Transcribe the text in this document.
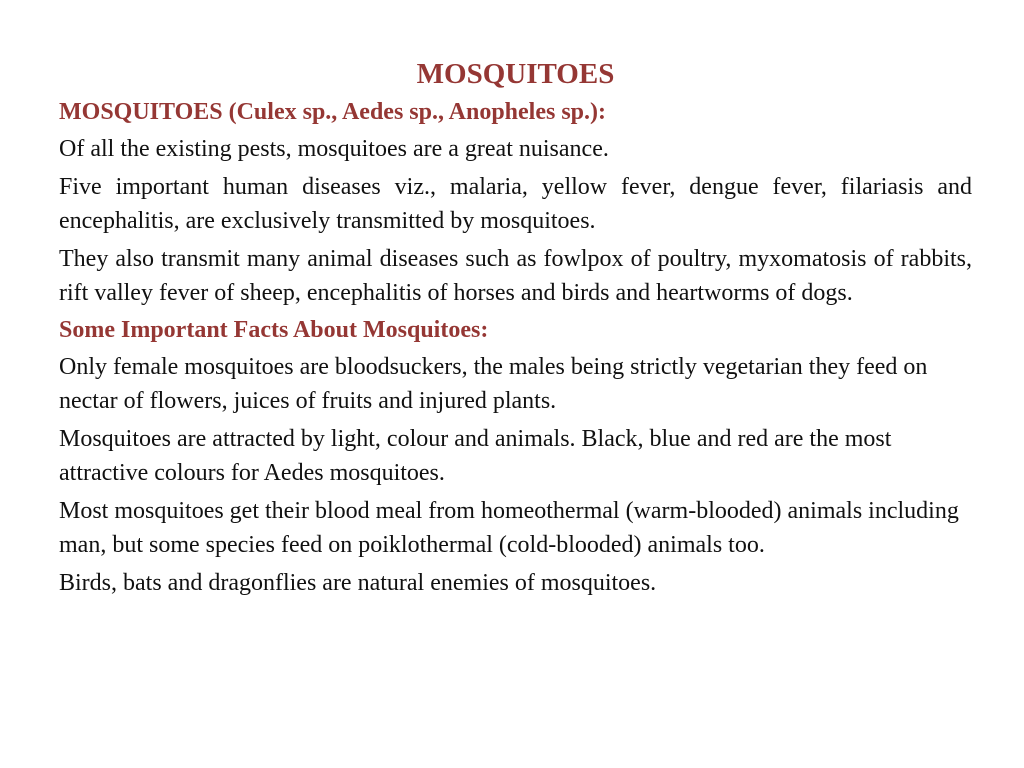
MOSQUITOES
MOSQUITOES (Culex sp., Aedes sp., Anopheles sp.):
Of all the existing pests, mosquitoes are a great nuisance.
Five important human diseases viz., malaria, yellow fever, dengue fever, filariasis and encephalitis, are exclusively transmitted by mosquitoes.
They also transmit many animal diseases such as fowlpox of poultry, myxomatosis of rabbits, rift valley fever of sheep, encephalitis of horses and birds and heartworms of dogs.
Some Important Facts About Mosquitoes:
Only female mosquitoes are bloodsuckers, the males being strictly vegetarian they feed on nectar of flowers, juices of fruits and injured plants.
Mosquitoes are attracted by light, colour and animals. Black, blue and red are the most attractive colours for Aedes mosquitoes.
Most mosquitoes get their blood meal from homeothermal (warm-blooded) animals including man, but some species feed on poiklothermal (cold-blooded) animals too.
Birds, bats and dragonflies are natural enemies of mosquitoes.
